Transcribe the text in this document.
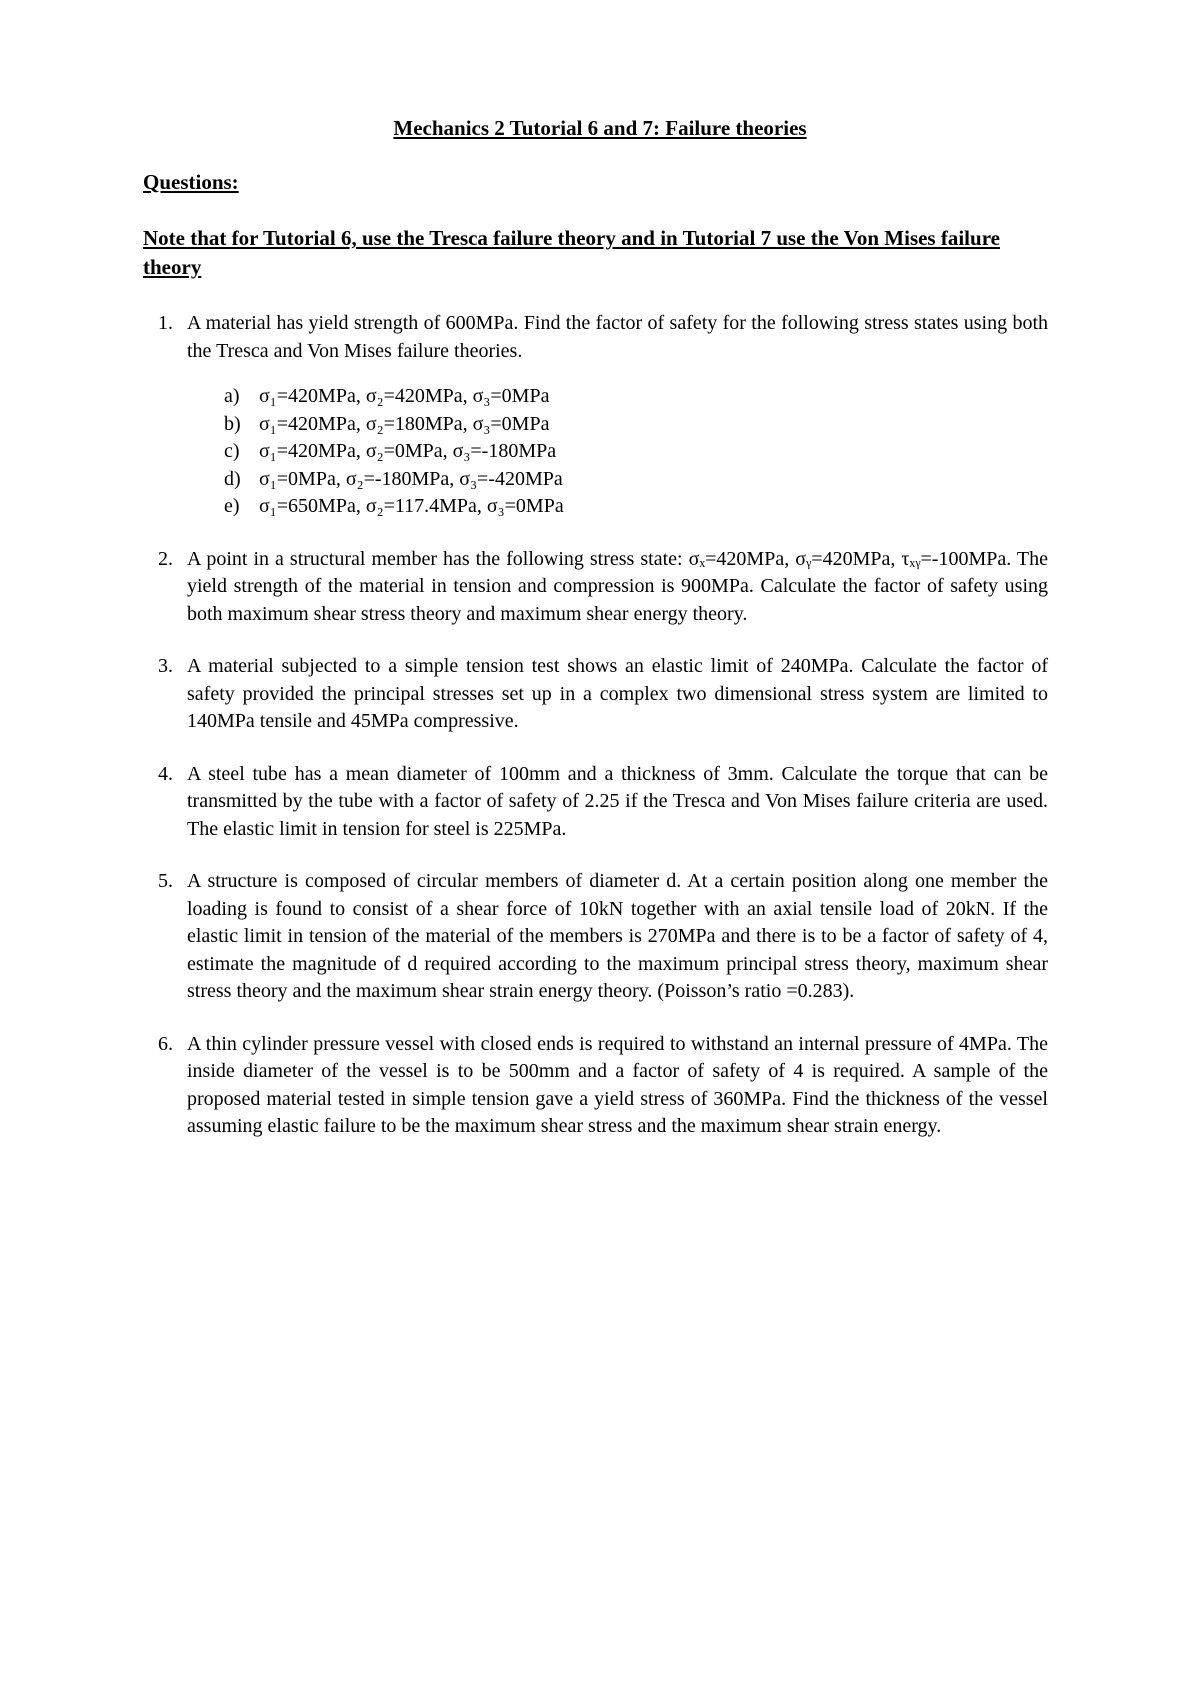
Mechanics 2 Tutorial 6 and 7: Failure theories
Questions:
Note that for Tutorial 6, use the Tresca failure theory and in Tutorial 7 use the Von Mises failure theory
1. A material has yield strength of 600MPa. Find the factor of safety for the following stress states using both the Tresca and Von Mises failure theories.
a) σ₁=420MPa, σ₂=420MPa, σ₃=0MPa
b) σ₁=420MPa, σ₂=180MPa, σ₃=0MPa
c) σ₁=420MPa, σ₂=0MPa, σ₃=-180MPa
d) σ₁=0MPa, σ₂=-180MPa, σ₃=-420MPa
e) σ₁=650MPa, σ₂=117.4MPa, σ₃=0MPa
2. A point in a structural member has the following stress state: σₓ=420MPa, σᵧ=420MPa, τₓᵧ=-100MPa. The yield strength of the material in tension and compression is 900MPa. Calculate the factor of safety using both maximum shear stress theory and maximum shear energy theory.
3. A material subjected to a simple tension test shows an elastic limit of 240MPa. Calculate the factor of safety provided the principal stresses set up in a complex two dimensional stress system are limited to 140MPa tensile and 45MPa compressive.
4. A steel tube has a mean diameter of 100mm and a thickness of 3mm. Calculate the torque that can be transmitted by the tube with a factor of safety of 2.25 if the Tresca and Von Mises failure criteria are used. The elastic limit in tension for steel is 225MPa.
5. A structure is composed of circular members of diameter d. At a certain position along one member the loading is found to consist of a shear force of 10kN together with an axial tensile load of 20kN. If the elastic limit in tension of the material of the members is 270MPa and there is to be a factor of safety of 4, estimate the magnitude of d required according to the maximum principal stress theory, maximum shear stress theory and the maximum shear strain energy theory. (Poisson’s ratio =0.283).
6. A thin cylinder pressure vessel with closed ends is required to withstand an internal pressure of 4MPa. The inside diameter of the vessel is to be 500mm and a factor of safety of 4 is required. A sample of the proposed material tested in simple tension gave a yield stress of 360MPa. Find the thickness of the vessel assuming elastic failure to be the maximum shear stress and the maximum shear strain energy.
